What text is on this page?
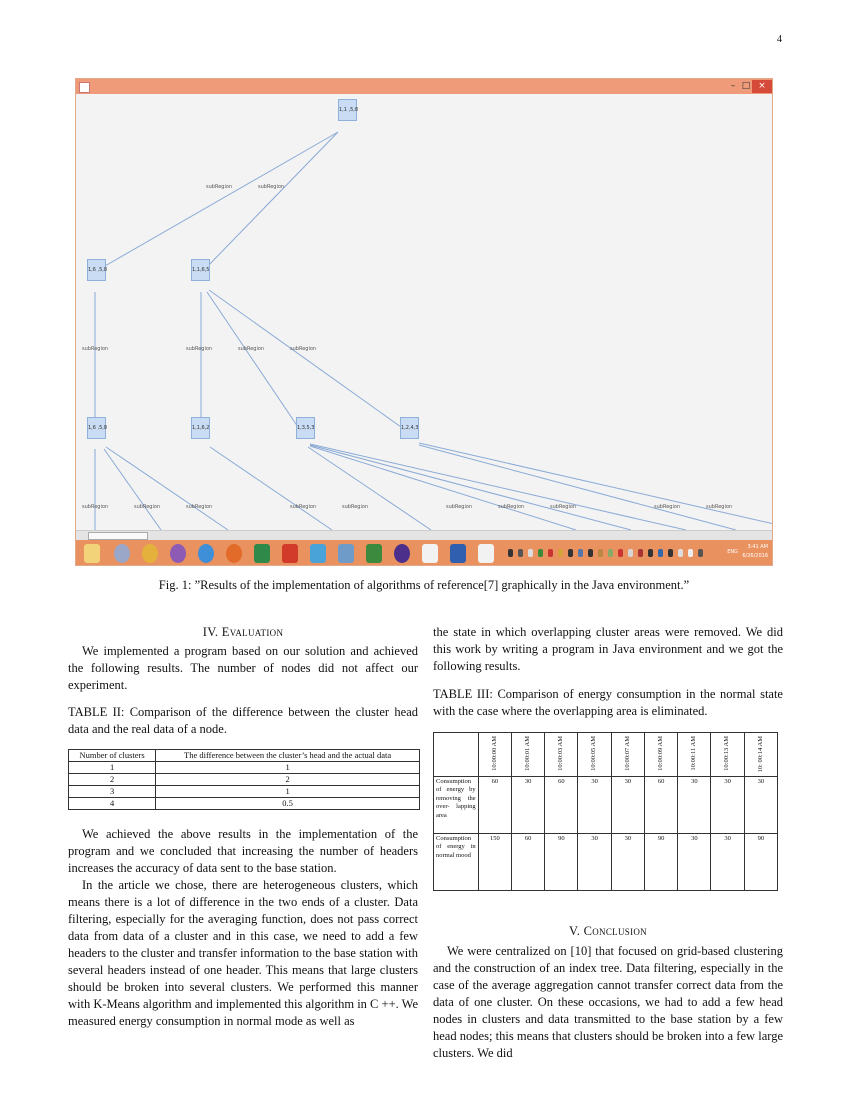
4
– □ ×
1,1 ,5,8
1,6 ,5,8	1,1,6,5
1,6 ,5,8	1,1,6,2	1,3,5,3	1,2,4,3
subRegion	subRegion
subRegion	subRegion	subRegion	subRegion
subRegion	subRegion	subRegion	subRegion	subRegion	subRegion	subRegion	subRegion	subRegion	subRegion
ENG
3:41 AM
6/26/2016
Fig. 1: ”Results of the implementation of algorithms of reference[7] graphically in the Java environment.”
IV. Evaluation

We implemented a program based on our solution and achieved the following results. The number of nodes did not affect our experiment.

TABLE II: Comparison of the difference between the cluster head data and the real data of a node.

Number of clusters	The difference between the cluster’s head and the actual data
1	1
2	2
3	1
4	0.5

We achieved the above results in the implementation of the program and we concluded that increasing the number of headers increases the accuracy of data sent to the base station.

In the article we chose, there are heterogeneous clusters, which means there is a lot of difference in the two ends of a cluster. Data filtering, especially for the averaging function, does not pass correct data from data of a cluster and in this case, we need to add a few headers to the cluster and transfer information to the base station with several headers instead of one header. This means that large clusters should be broken into several clusters. We performed this manner with K-Means algorithm and implemented this algorithm in C ++. We measured energy consumption in normal mode as well as

the state in which overlapping cluster areas were removed. We did this work by writing a program in Java environment and we got the following results.

TABLE III: Comparison of energy consumption in the normal state with the case where the overlapping area is eliminated.

	10:00:00 AM	10:00:01 AM	10:00:03 AM	10:00:05 AM	10:00:07 AM	10:00:09 AM	10:00:11 AM	10:00:13 AM	10: 00:14 AM
Consumption of energy by removing the over- lapping area	60	30	60	30	30	60	30	30	30
Consumption of energy in normal mood	150	60	90	30	30	90	30	30	90
V. Conclusion

We were centralized on [10] that focused on grid-based clustering and the construction of an index tree. Data filtering, especially in the case of the average aggregation cannot transfer correct data from the data of one cluster. On these occasions, we had to add a few head nodes in clusters and data transmitted to the base station by a few head nodes; this means that clusters should be broken into a few large clusters. We did
